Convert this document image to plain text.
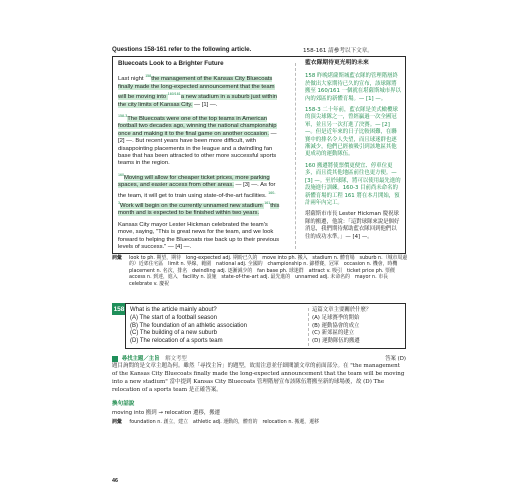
Questions 158-161 refer to the following article.	158-161 請參考以下文章。
Bluecoats Look to a Brighter Future
Last night $^{158}$the management of the Kansas City Bluecoats finally made the long-expected announcement that the team will be moving into $^{160/161}$a new stadium in a suburb just within the city limits of Kansas City. — [1] —.
$^{158-3}$The Bluecoats were one of the top teams in American football two decades ago, winning the national championship once and making it to the final game on another occasion. — [2] —. But recent years have been more difficult, with disappointing placements in the league and a dwindling fan base that has been attracted to other more successful sports teams in the region.
$^{160}$Moving will allow for cheaper ticket prices, more parking spaces, and easier access from other areas. — [3] —. As for the team, it will get to train using state-of-the-art facilities. $^{160-3}$Work will begin on the currently unnamed new stadium $^{161}$this month and is expected to be finished within two years.
Kansas City mayor Lester Hickman celebrated the team's move, saying, "This is great news for the team, and we look forward to helping the Bluecoats rise back up to their previous levels of success." — [4] —.
藍衣隊期待更光明的未來
158 昨晚堪薩斯城藍衣隊的管理階層終於做出大家期待已久的宣布，該球隊將搬至 160/161 一個就在堪薩斯城市界以內的郊區的新體育場。— [1] —。
158-3 二十年前，藍衣隊是美式橄欖球的頂尖球隊之一，曾經贏過一次全國冠軍，並且另一次打進了決賽。— [2] —。但是近年來的日子比較困難，在聯賽中的排名令人失望，而且球迷群也逐漸減少，他們已經被吸引到該地區其他更成功的運動隊伍。
160 搬遷將使票價更便宜、停車位更多，而且從其他地區前往也更方便。— [3] —。至於球隊，將可以使用最先進的設施進行訓練。160-3 目前尚未命名的新體育場的工程 161 將在本月開始，預計兩年內完工。
堪薩斯市市長 Lester Hickman 慶祝球隊的搬遷，他說：「這對球隊來說是個好消息，我們期待幫助藍衣隊回到他們以往的成功水準。」— [4] —。
詞彙 look to ph. 期望，期待　long-expected adj. 期盼已久的　move into ph. 搬入　stadium n. 體育場　suburb n.（城市周邊的）近郊住宅區　limit n. 界線，範圍　national adj. 全國的　championship n. 錦標賽，冠軍　occasion n. 機會，時機　placement n. 名次，排名　dwindling adj. 逐漸減少的　fan base ph. 球迷群　attract v. 吸引　ticket price ph. 票價　access n. 到達，進入　facility n. 設施　state-of-the-art adj. 最先進的　unnamed adj. 未命名的　mayor n. 市長　celebrate v. 慶祝
158 What is the article mainly about?
(A) The start of a football season
(B) The foundation of an athletic association
(C) The building of a new suburb
(D) The relocation of a sports team
這篇文章主要關於什麼？
(A) 足球賽季的開始
(B) 運動協會的成立
(C) 新郊區的建立
(D) 運動隊伍的搬遷
尋找主題／主旨 解文考型	答案 (D)
題目詢問的是文章主題為何。雖然「尋找主旨」的題型，故需注意並仔細閱讀文章的前面部分。在 "the management of the Kansas City Bluecoats finally made the long-expected announcement that the team will be moving into a new stadium" 當中提到 Kansas City Bluecoats 管理階層宣布該隊伍將搬至新的球場後，故 (D) The relocation of a sports team 是正確答案。
換句話說
moving into 搬到 → relocation 遷移，搬遷
詞彙 foundation n. 創立，建立　athletic adj. 運動的，體育的　relocation n. 搬遷，遷移
46
